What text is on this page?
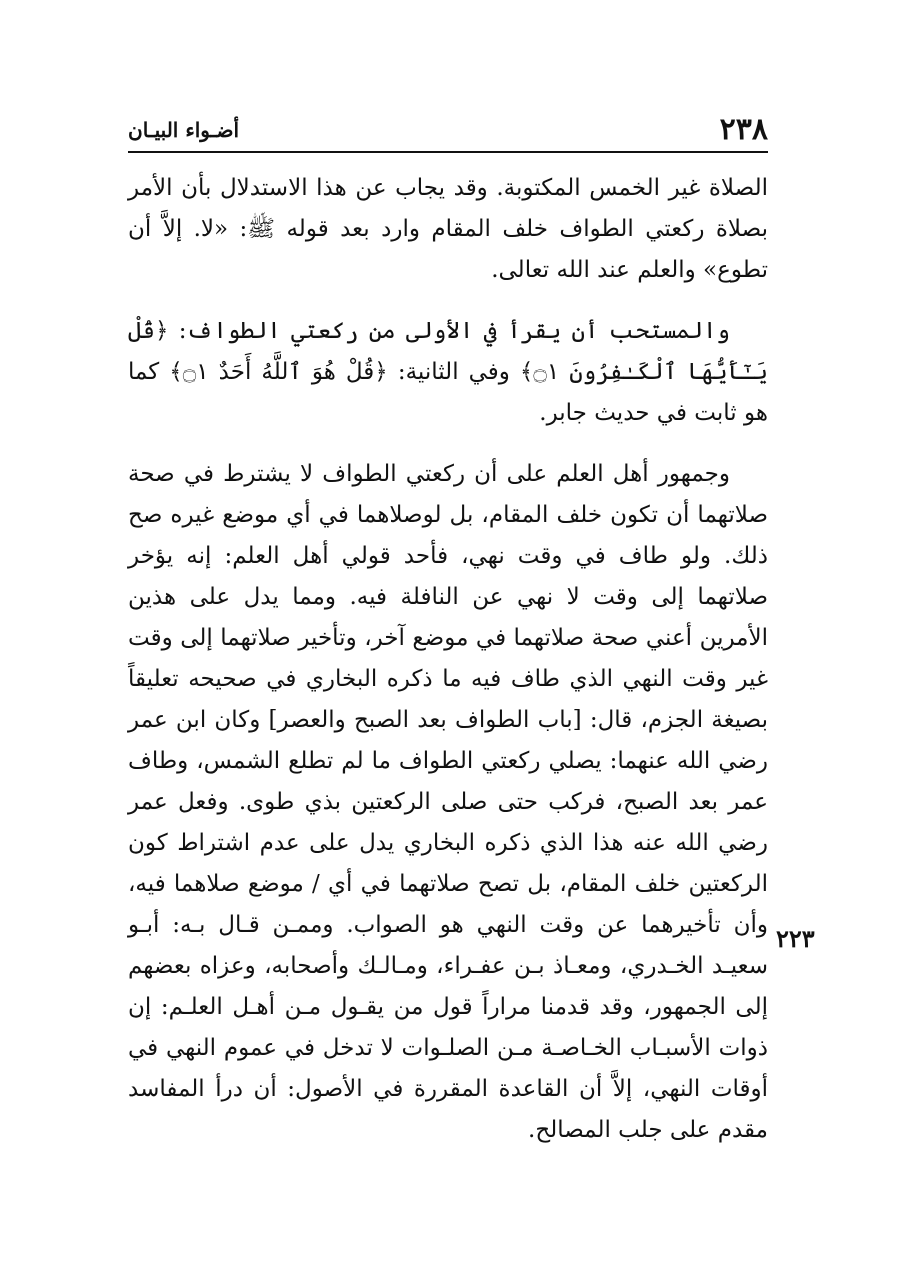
٢٣٨
أضـواء البيـان

الصلاة غير الخمس المكتوبة. وقد يجاب عن هذا الاستدلال بأن الأمر بصلاة ركعتي الطواف خلف المقام وارد بعد قوله ﷺ: «لا. إلاَّ أن تطوع» والعلم عند الله تعالى.

والمستحب أن يقرأ في الأولى من ركعتي الطواف: ﴿قُلْ يَـٰٓأَيُّهَا ٱلْكَـٰفِرُونَ ۝١﴾ وفي الثانية: ﴿قُلْ هُوَ ٱللَّهُ أَحَدٌ ۝١﴾ كما هو ثابت في حديث جابر.

وجمهور أهل العلم على أن ركعتي الطواف لا يشترط في صحة صلاتهما أن تكون خلف المقام، بل لوصلاهما في أي موضع غيره صح ذلك. ولو طاف في وقت نهي، فأحد قولي أهل العلم: إنه يؤخر صلاتهما إلى وقت لا نهي عن النافلة فيه. ومما يدل على هذين الأمرين أعني صحة صلاتهما في موضع آخر، وتأخير صلاتهما إلى وقت غير وقت النهي الذي طاف فيه ما ذكره البخاري في صحيحه تعليقاً بصيغة الجزم، قال: [باب الطواف بعد الصبح والعصر] وكان ابن عمر رضي الله عنهما: يصلي ركعتي الطواف ما لم تطلع الشمس، وطاف عمر بعد الصبح، فركب حتى صلى الركعتين بذي طوى. وفعل عمر رضي الله عنه هذا الذي ذكره البخاري يدل على عدم اشتراط كون الركعتين خلف المقام، بل تصح صلاتهما في أي / موضع صلاهما فيه، وأن تأخيرهما عن وقت النهي هو الصواب. وممـن قـال بـه: أبـو سعيـد الخـدري، ومعـاذ بـن عفـراء، ومـالـك وأصحابه، وعزاه بعضهم إلى الجمهور، وقد قدمنا مراراً قول من يقـول مـن أهـل العلـم: إن ذوات الأسبـاب الخـاصـة مـن الصلـوات لا تدخل في عموم النهي في أوقات النهي، إلاَّ أن القاعدة المقررة في الأصول: أن درأ المفاسد مقدم على جلب المصالح.

٢٢٣
